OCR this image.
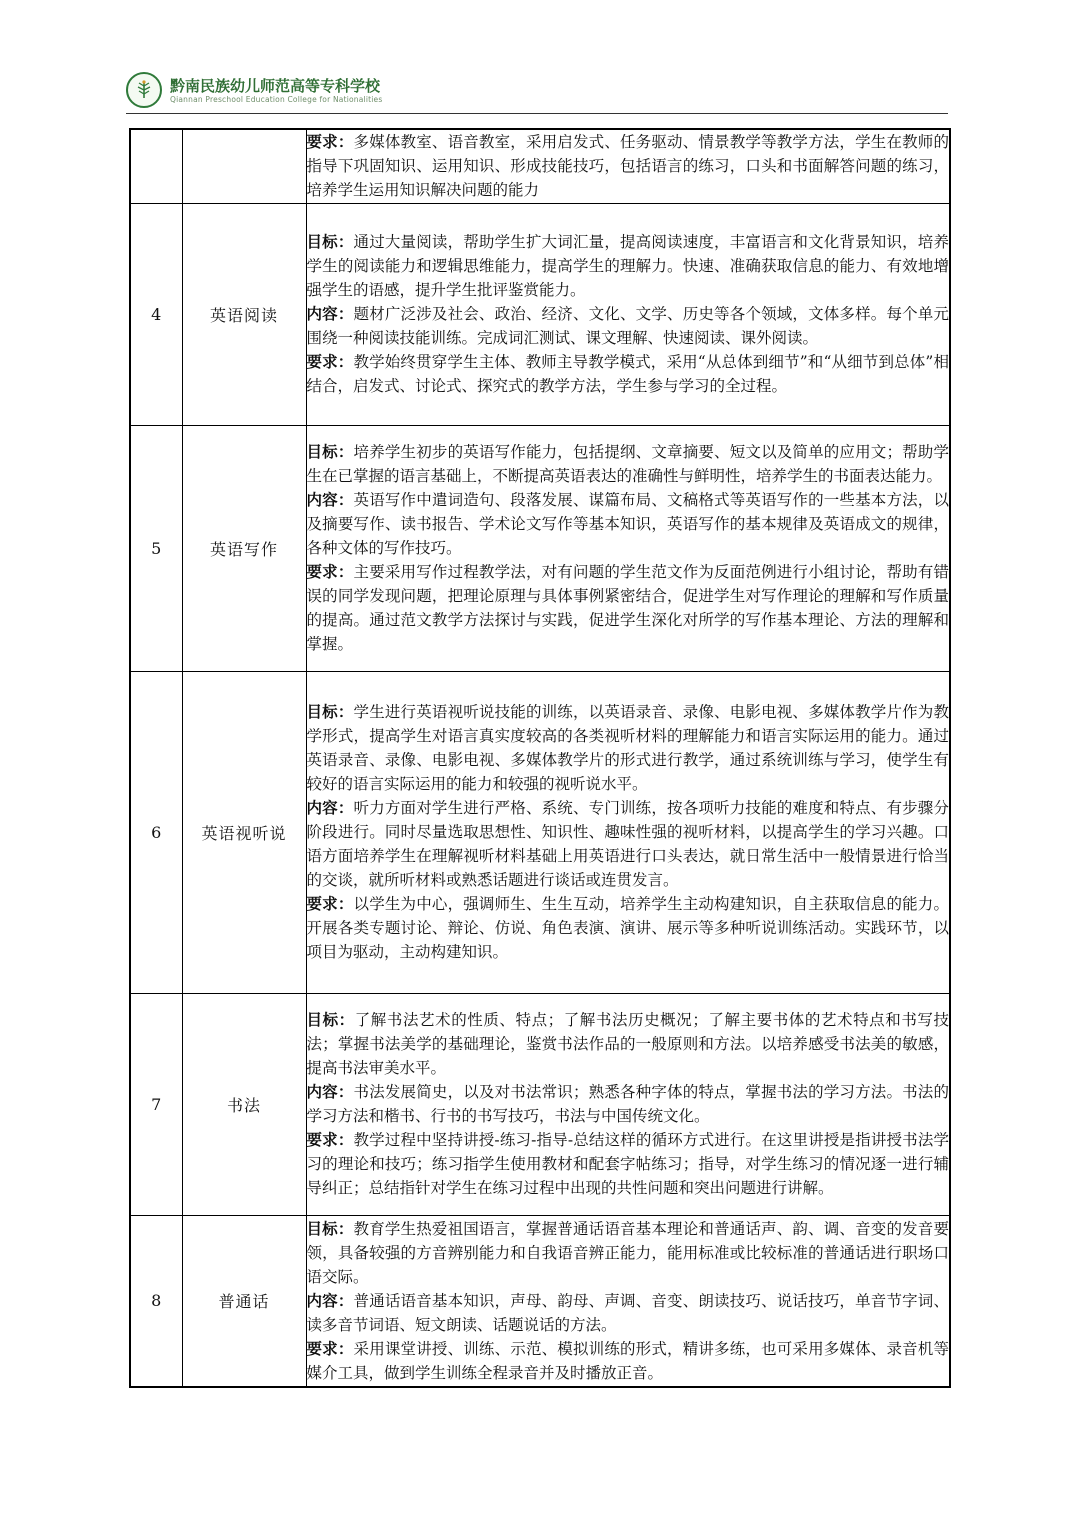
黔南民族幼儿师范高等专科学校
Qiannan Preschool Education College for Nationalities

		要求：多媒体教室、语音教室，采用启发式、任务驱动、情景教学等教学方法，学生在教师的指导下巩固知识、运用知识、形成技能技巧，包括语言的练习，口头和书面解答问题的练习，培养学生运用知识解决问题的能力

4	英语阅读	目标：通过大量阅读，帮助学生扩大词汇量，提高阅读速度，丰富语言和文化背景知识，培养学生的阅读能力和逻辑思维能力，提高学生的理解力。快速、准确获取信息的能力、有效地增强学生的语感，提升学生批评鉴赏能力。

内容：题材广泛涉及社会、政治、经济、文化、文学、历史等各个领域，文体多样。每个单元围绕一种阅读技能训练。完成词汇测试、课文理解、快速阅读、课外阅读。

要求：教学始终贯穿学生主体、教师主导教学模式，采用“从总体到细节”和“从细节到总体”相结合，启发式、讨论式、探究式的教学方法，学生参与学习的全过程。

5	英语写作	目标：培养学生初步的英语写作能力，包括提纲、文章摘要、短文以及简单的应用文；帮助学生在已掌握的语言基础上，不断提高英语表达的准确性与鲜明性，培养学生的书面表达能力。

内容：英语写作中遣词造句、段落发展、谋篇布局、文稿格式等英语写作的一些基本方法，以及摘要写作、读书报告、学术论文写作等基本知识，英语写作的基本规律及英语成文的规律，各种文体的写作技巧。

要求：主要采用写作过程教学法，对有问题的学生范文作为反面范例进行小组讨论，帮助有错误的同学发现问题，把理论原理与具体事例紧密结合，促进学生对写作理论的理解和写作质量的提高。通过范文教学方法探讨与实践，促进学生深化对所学的写作基本理论、方法的理解和掌握。

6	英语视听说	目标：学生进行英语视听说技能的训练，以英语录音、录像、电影电视、多媒体教学片作为教学形式，提高学生对语言真实度较高的各类视听材料的理解能力和语言实际运用的能力。通过英语录音、录像、电影电视、多媒体教学片的形式进行教学，通过系统训练与学习，使学生有较好的语言实际运用的能力和较强的视听说水平。

内容：听力方面对学生进行严格、系统、专门训练，按各项听力技能的难度和特点、有步骤分阶段进行。同时尽量选取思想性、知识性、趣味性强的视听材料，以提高学生的学习兴趣。口语方面培养学生在理解视听材料基础上用英语进行口头表达，就日常生活中一般情景进行恰当的交谈，就所听材料或熟悉话题进行谈话或连贯发言。

要求：以学生为中心，强调师生、生生互动，培养学生主动构建知识，自主获取信息的能力。开展各类专题讨论、辩论、仿说、角色表演、演讲、展示等多种听说训练活动。实践环节，以项目为驱动，主动构建知识。

7	书法	目标：了解书法艺术的性质、特点；了解书法历史概况；了解主要书体的艺术特点和书写技法；掌握书法美学的基础理论，鉴赏书法作品的一般原则和方法。以培养感受书法美的敏感，提高书法审美水平。

内容：书法发展简史，以及对书法常识；熟悉各种字体的特点，掌握书法的学习方法。书法的学习方法和楷书、行书的书写技巧，书法与中国传统文化。

要求：教学过程中坚持讲授-练习-指导-总结这样的循环方式进行。在这里讲授是指讲授书法学习的理论和技巧；练习指学生使用教材和配套字帖练习；指导，对学生练习的情况逐一进行辅导纠正；总结指针对学生在练习过程中出现的共性问题和突出问题进行讲解。

8	普通话	目标：教育学生热爱祖国语言，掌握普通话语音基本理论和普通话声、韵、调、音变的发音要领，具备较强的方音辨别能力和自我语音辨正能力，能用标准或比较标准的普通话进行职场口语交际。

内容：普通话语音基本知识，声母、韵母、声调、音变、朗读技巧、说话技巧，单音节字词、读多音节词语、短文朗读、话题说话的方法。

要求：采用课堂讲授、训练、示范、模拟训练的形式，精讲多练，也可采用多媒体、录音机等媒介工具，做到学生训练全程录音并及时播放正音。
